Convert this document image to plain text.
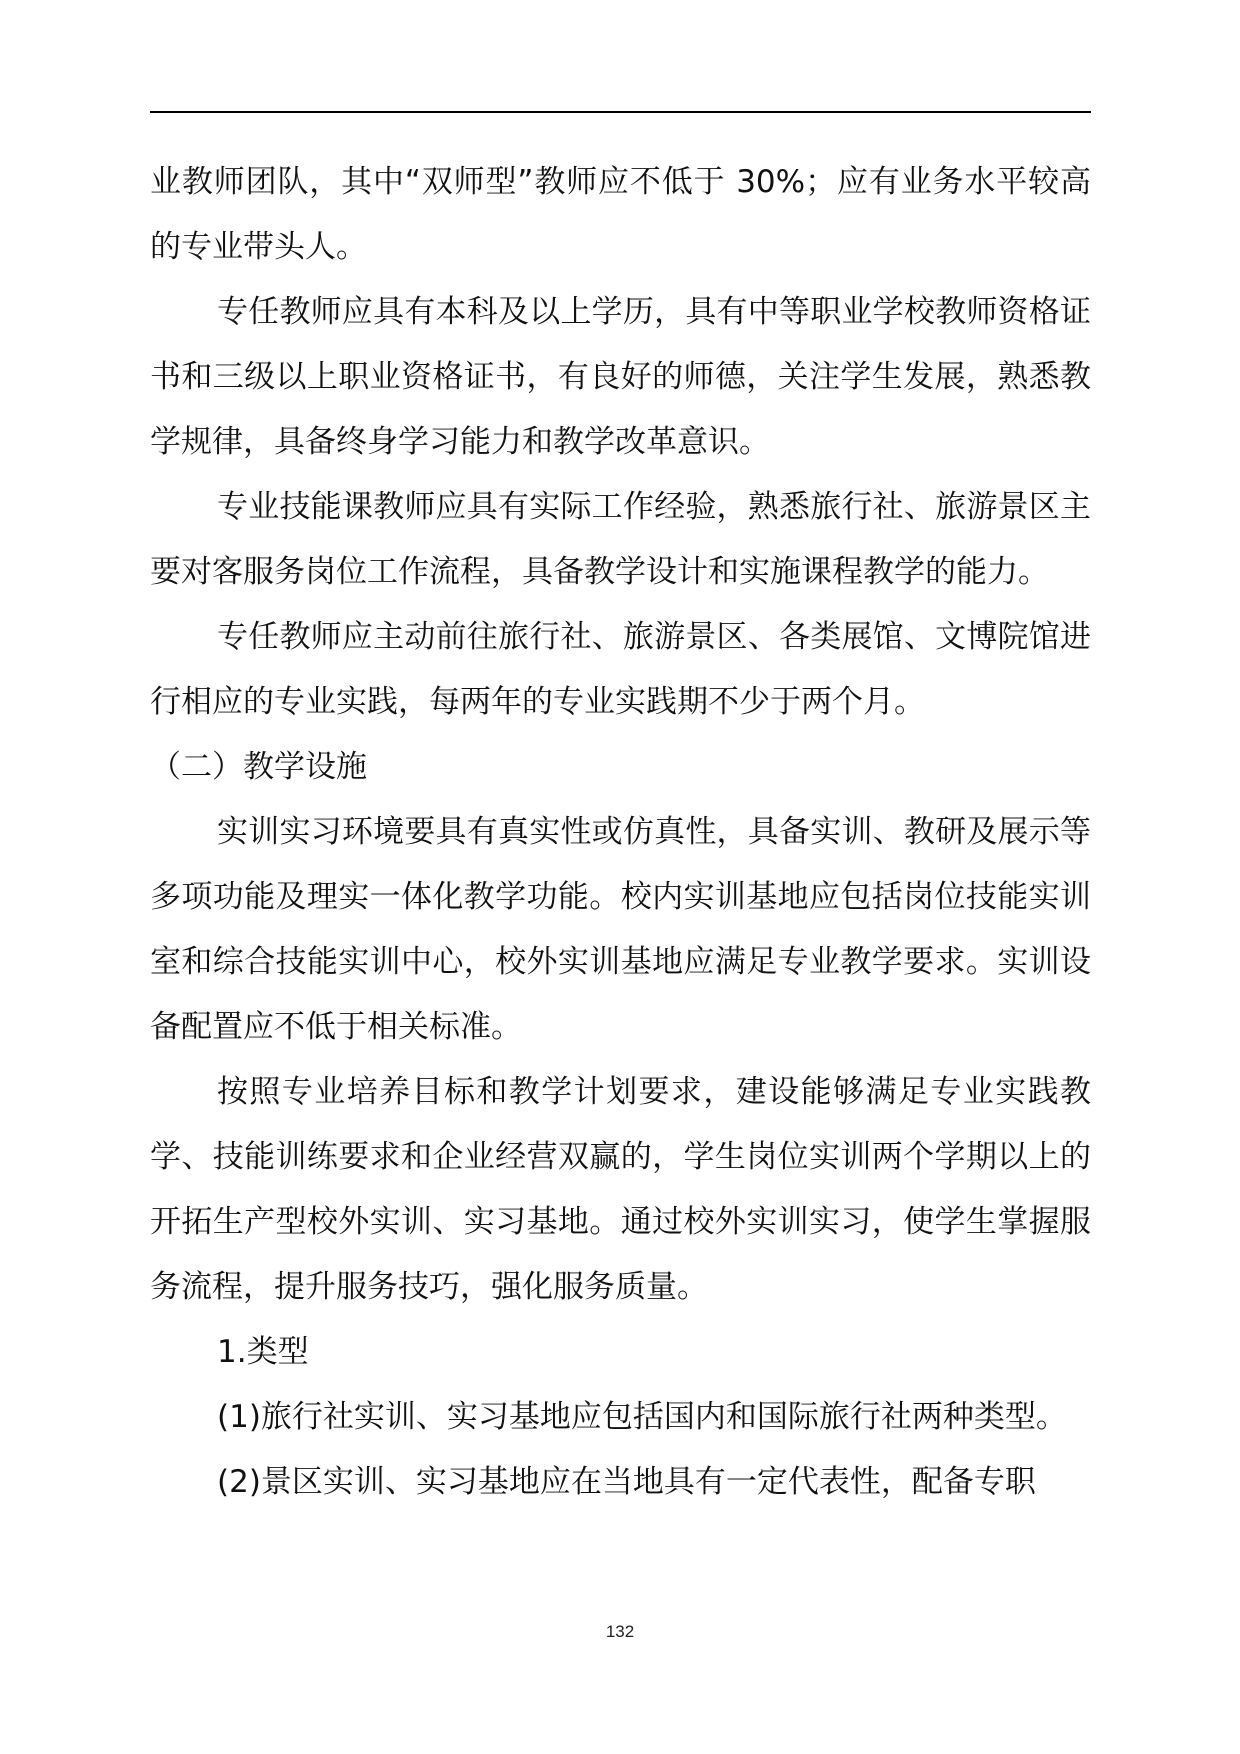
业教师团队，其中“双师型”教师应不低于 30%；应有业务水平较高的专业带头人。

专任教师应具有本科及以上学历，具有中等职业学校教师资格证书和三级以上职业资格证书，有良好的师德，关注学生发展，熟悉教学规律，具备终身学习能力和教学改革意识。

专业技能课教师应具有实际工作经验，熟悉旅行社、旅游景区主要对客服务岗位工作流程，具备教学设计和实施课程教学的能力。

专任教师应主动前往旅行社、旅游景区、各类展馆、文博院馆进行相应的专业实践，每两年的专业实践期不少于两个月。

（二）教学设施

实训实习环境要具有真实性或仿真性，具备实训、教研及展示等多项功能及理实一体化教学功能。校内实训基地应包括岗位技能实训室和综合技能实训中心，校外实训基地应满足专业教学要求。实训设备配置应不低于相关标准。

按照专业培养目标和教学计划要求，建设能够满足专业实践教学、技能训练要求和企业经营双赢的，学生岗位实训两个学期以上的开拓生产型校外实训、实习基地。通过校外实训实习，使学生掌握服务流程，提升服务技巧，强化服务质量。

1.类型

(1)旅行社实训、实习基地应包括国内和国际旅行社两种类型。

(2)景区实训、实习基地应在当地具有一定代表性，配备专职

132
